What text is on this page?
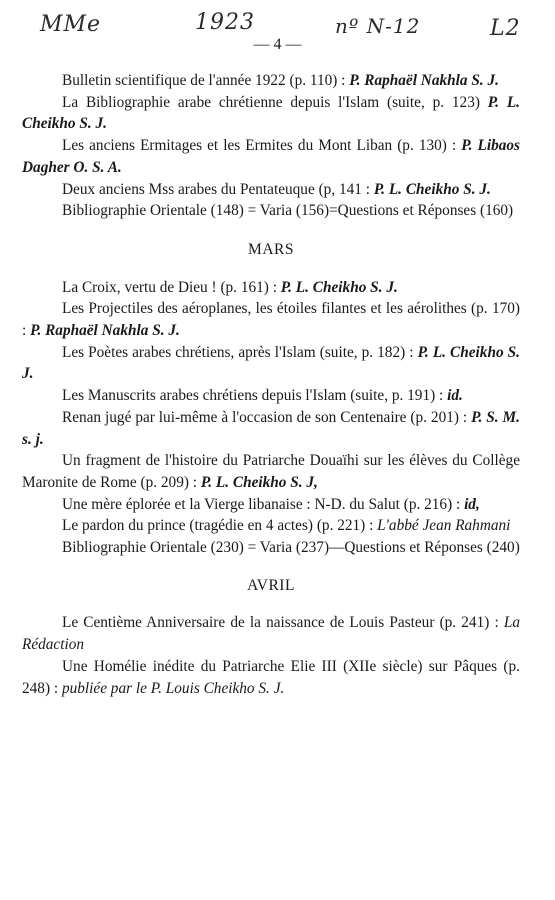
MMe	1923	nº N-12	L2
— 4 —

Bulletin scientifique de l'année 1922 (p. 110) : P. Raphaël Nakhla S. J.

La Bibliographie arabe chrétienne depuis l'Islam (suite, p. 123) P. L. Cheikho S. J.

Les anciens Ermitages et les Ermites du Mont Liban (p. 130) : P. Libaos Dagher O. S. A.

Deux anciens Mss arabes du Pentateuque (p, 141 : P. L. Cheikho S. J.

Bibliographie Orientale (148) = Varia (156)=Questions et Réponses (160)

MARS

La Croix, vertu de Dieu ! (p. 161) : P. L. Cheikho S. J.

Les Projectiles des aéroplanes, les étoiles filantes et les aérolithes (p. 170) : P. Raphaël Nakhla S. J.

Les Poètes arabes chrétiens, après l'Islam (suite, p. 182) : P. L. Cheikho S. J.

Les Manuscrits arabes chrétiens depuis l'Islam (suite, p. 191) : id.

Renan jugé par lui-même à l'occasion de son Centenaire (p. 201) : P. S. M. s. j.

Un fragment de l'histoire du Patriarche Douaïhi sur les élèves du Collège Maronite de Rome (p. 209) : P. L. Cheikho S. J,

Une mère éplorée et la Vierge libanaise : N-D. du Salut (p. 216) : id,

Le pardon du prince (tragédie en 4 actes) (p. 221) : L'abbé Jean Rahmani

Bibliographie Orientale (230) = Varia (237)—Questions et Réponses (240)

AVRIL

Le Centième Anniversaire de la naissance de Louis Pasteur (p. 241) : La Rédaction

Une Homélie inédite du Patriarche Elie III (XIIe siècle) sur Pâques (p. 248) : publiée par le P. Louis Cheikho S. J.
